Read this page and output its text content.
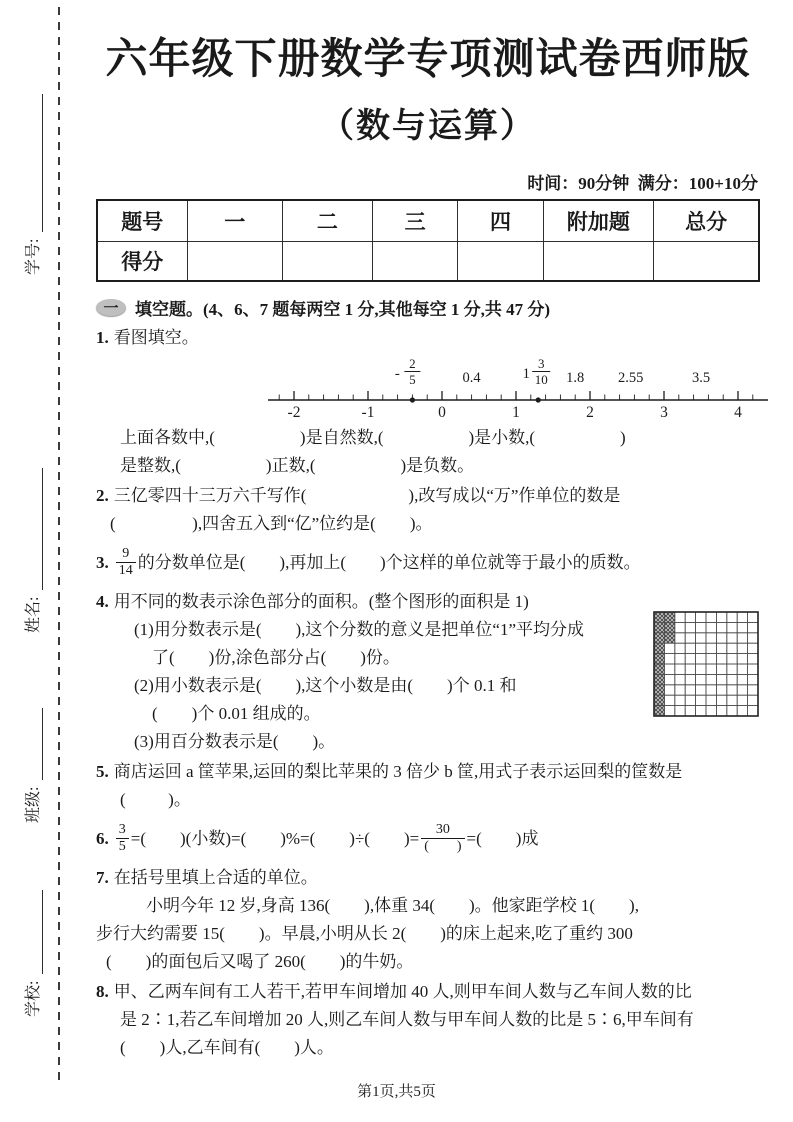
学号:
姓名:
班级:
学校:
六年级下册数学专项测试卷西师版
（数与运算）
时间：90分钟  满分：100+10分
题号	一	二	三	四	附加题	总分
得分						
一 填空题。(4、6、7 题每两空 1 分,其他每空 1 分,共 47 分)
1. 看图填空。
-2	-1	0	1	2	3	4
-
2
5	0.4	1
3
10 1.8 2.55	3.5
上面各数中,(                    )是自然数,(                    )是小数,(                    )
是整数,(                    )正数,(                    )是负数。
2. 三亿零四十三万六千写作(                        ),改写成以“万”作单位的数是
(                  ),四舍五入到“亿”位约是(        )。
3. $\frac{9}{14}$ 的分数单位是(        ),再加上(        )个这样的单位就等于最小的质数。
4. 用不同的数表示涂色部分的面积。(整个图形的面积是 1)
(1)用分数表示是(        ),这个分数的意义是把单位“1”平均分成
了(        )份,涂色部分占(        )份。
(2)用小数表示是(        ),这个小数是由(        )个 0.1 和
(        )个 0.01 组成的。
(3)用百分数表示是(        )。
5. 商店运回 a 筐苹果,运回的梨比苹果的 3 倍少 b 筐,用式子表示运回梨的筐数是
(          )。
6. $\frac{3}{5}$ =(        )(小数)=(        )%=(        )÷(        )= $\frac{30}{( )}$ =(        )成
7. 在括号里填上合适的单位。
小明今年 12 岁,身高 136(        ),体重 34(        )。他家距学校 1(        ),
步行大约需要 15(        )。早晨,小明从长 2(        )的床上起来,吃了重约 300
(        )的面包后又喝了 260(        )的牛奶。
8. 甲、乙两车间有工人若干,若甲车间增加 40 人,则甲车间人数与乙车间人数的比
是 2∶1,若乙车间增加 20 人,则乙车间人数与甲车间人数的比是 5∶6,甲车间有
(        )人,乙车间有(        )人。
第1页,共5页
